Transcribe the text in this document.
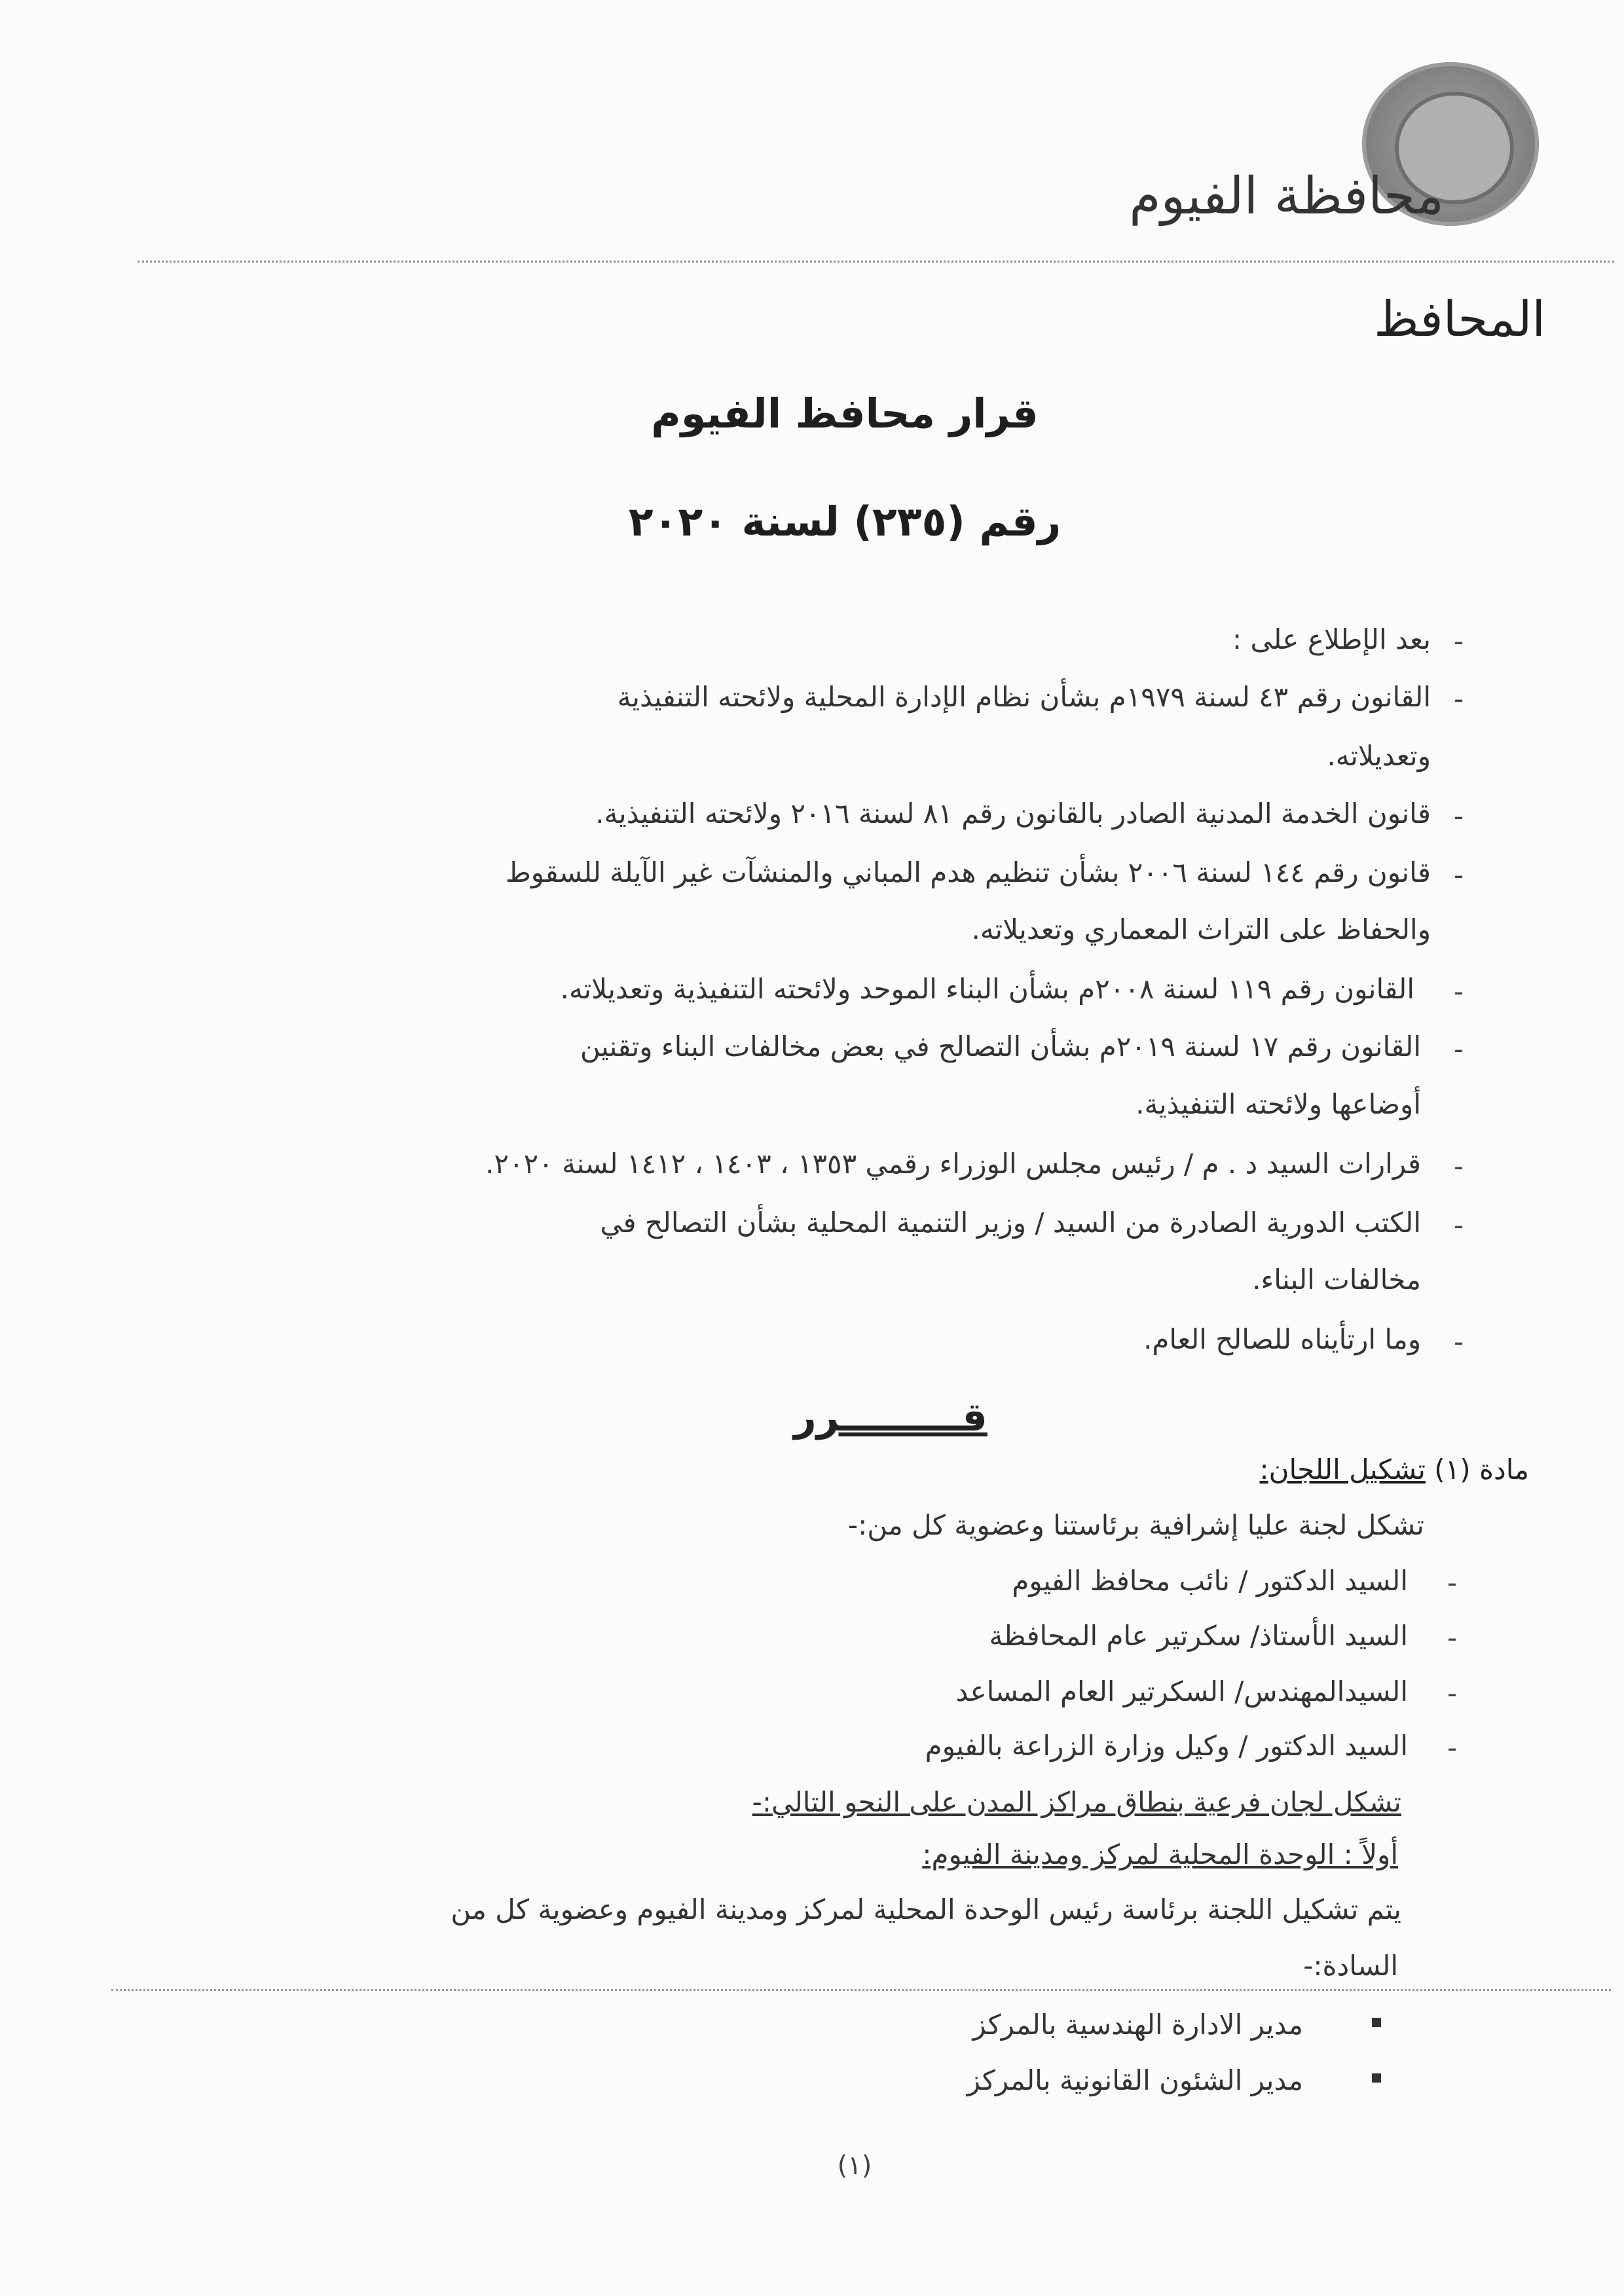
محافظة الفيوم
المحافظ
قرار محافظ الفيوم
رقم (٢٣٥) لسنة ٢٠٢٠
-
بعد الإطلاع على :
-
القانون رقم ٤٣ لسنة ١٩٧٩م بشأن نظام الإدارة المحلية ولائحته التنفيذية
وتعديلاته.
-
قانون الخدمة المدنية الصادر بالقانون رقم ٨١ لسنة ٢٠١٦ ولائحته التنفيذية.
-
قانون رقم ١٤٤ لسنة ٢٠٠٦ بشأن تنظيم هدم المباني والمنشآت غير الآيلة للسقوط
والحفاظ على التراث المعماري وتعديلاته.
-
القانون رقم ١١٩ لسنة ٢٠٠٨م بشأن البناء الموحد ولائحته التنفيذية وتعديلاته.
-
القانون رقم ١٧ لسنة ٢٠١٩م بشأن التصالح في بعض مخالفات البناء وتقنين
أوضاعها ولائحته التنفيذية.
-
قرارات السيد د . م / رئيس مجلس الوزراء رقمي ١٣٥٣ ، ١٤٠٣ ، ١٤١٢ لسنة ٢٠٢٠.
-
الكتب الدورية الصادرة من السيد / وزير التنمية المحلية بشأن التصالح في
مخالفات البناء.
-
وما ارتأيناه للصالح العام.
قـــــــــرر
مادة (١) تشكيل اللجان:
تشكل لجنة عليا إشرافية برئاستنا وعضوية كل من:-
-
السيد الدكتور / نائب محافظ الفيوم
-
السيد الأستاذ/ سكرتير عام المحافظة
-
السيدالمهندس/ السكرتير العام المساعد
-
السيد الدكتور / وكيل وزارة الزراعة بالفيوم
تشكل لجان فرعية بنطاق مراكز المدن على النحو التالي:-
أولاً : الوحدة المحلية لمركز ومدينة الفيوم:
يتم تشكيل اللجنة برئاسة رئيس الوحدة المحلية لمركز ومدينة الفيوم وعضوية كل من
السادة:-
مدير الادارة الهندسية بالمركز
مدير الشئون القانونية بالمركز
(١)
